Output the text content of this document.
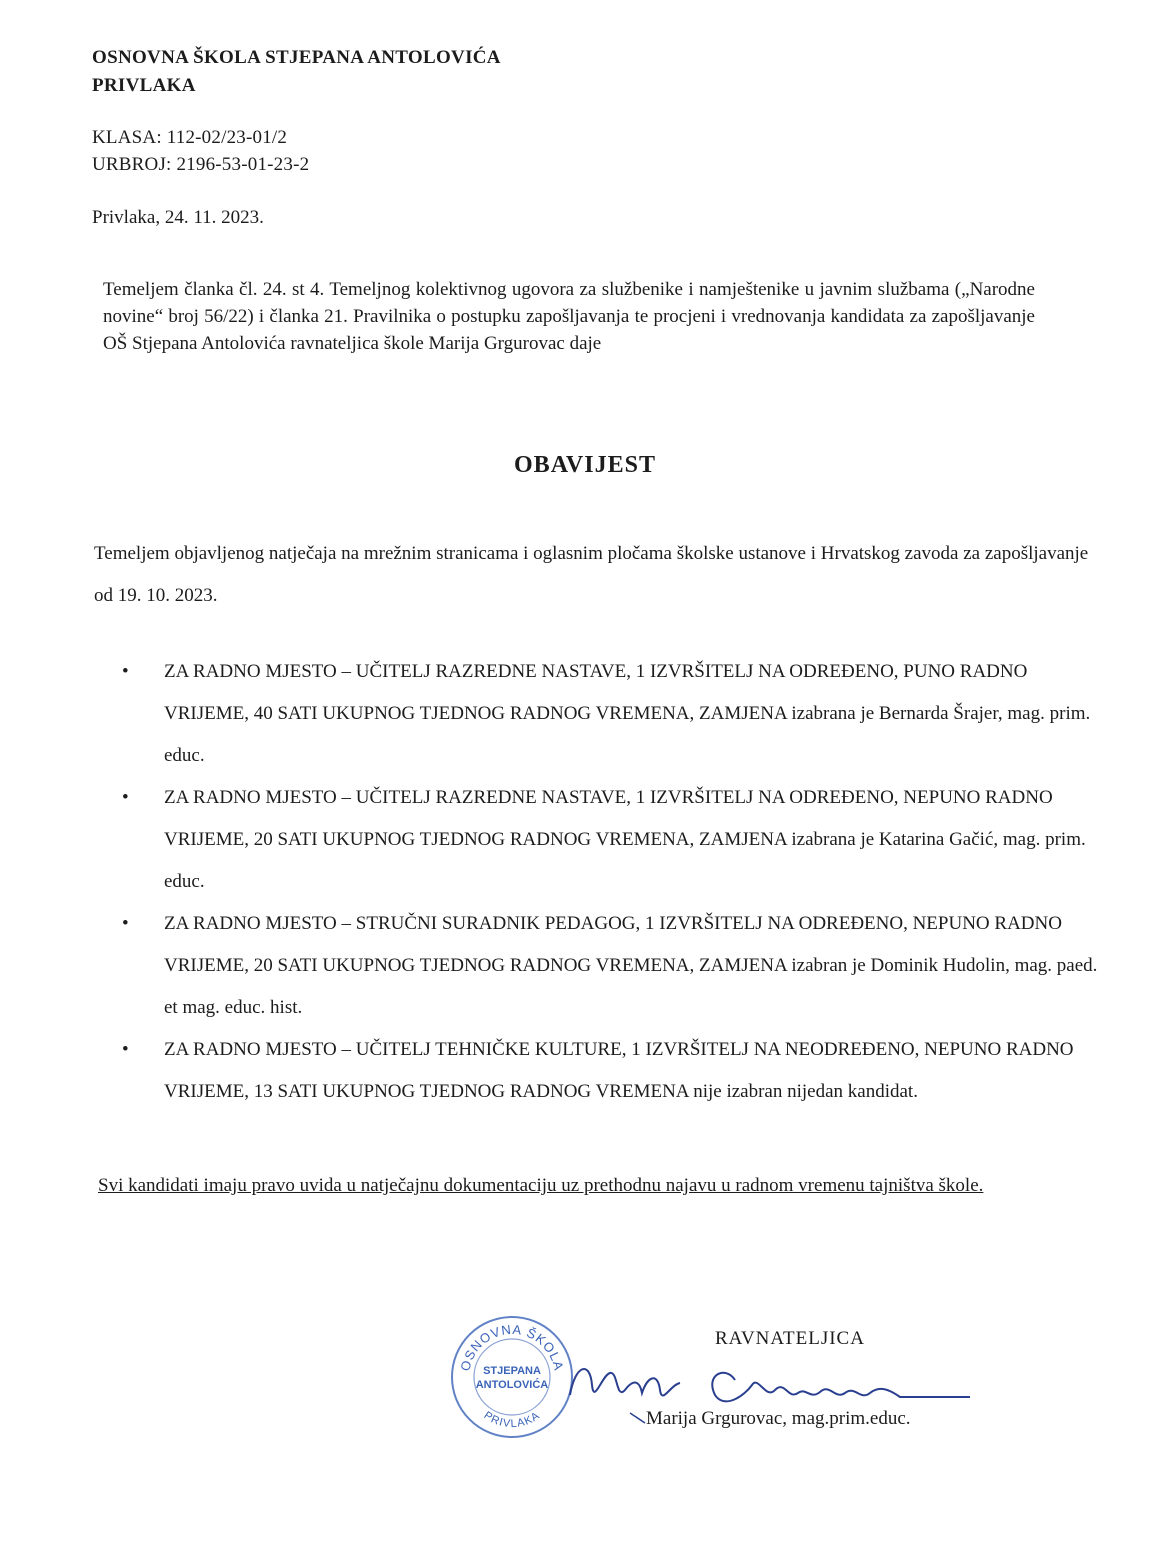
OSNOVNA ŠKOLA STJEPANA ANTOLOVIĆA
PRIVLAKA
KLASA: 112-02/23-01/2
URBROJ: 2196-53-01-23-2
Privlaka, 24. 11. 2023.
Temeljem članka čl. 24. st 4. Temeljnog kolektivnog ugovora za službenike i namještenike u javnim službama („Narodne novine“ broj 56/22) i članka 21. Pravilnika o postupku zapošljavanja te procjeni i vrednovanja kandidata za zapošljavanje OŠ Stjepana Antolovića ravnateljica škole Marija Grgurovac daje
OBAVIJEST
Temeljem objavljenog natječaja na mrežnim stranicama i oglasnim pločama školske ustanove i Hrvatskog zavoda za zapošljavanje od 19. 10. 2023.
• ZA RADNO MJESTO – UČITELJ RAZREDNE NASTAVE, 1 IZVRŠITELJ NA ODREĐENO, PUNO RADNO VRIJEME, 40 SATI UKUPNOG TJEDNOG RADNOG VREMENA, ZAMJENA izabrana je Bernarda Šrajer, mag. prim. educ.
• ZA RADNO MJESTO – UČITELJ RAZREDNE NASTAVE, 1 IZVRŠITELJ NA ODREĐENO, NEPUNO RADNO VRIJEME, 20 SATI UKUPNOG TJEDNOG RADNOG VREMENA, ZAMJENA izabrana je Katarina Gačić, mag. prim. educ.
• ZA RADNO MJESTO – STRUČNI SURADNIK PEDAGOG, 1 IZVRŠITELJ NA ODREĐENO, NEPUNO RADNO VRIJEME, 20 SATI UKUPNOG TJEDNOG RADNOG VREMENA, ZAMJENA izabran je Dominik Hudolin, mag. paed. et mag. educ. hist.
• ZA RADNO MJESTO – UČITELJ TEHNIČKE KULTURE, 1 IZVRŠITELJ NA NEODREĐENO, NEPUNO RADNO VRIJEME, 13 SATI UKUPNOG TJEDNOG RADNOG VREMENA nije izabran nijedan kandidat.
Svi kandidati imaju pravo uvida u natječajnu dokumentaciju uz prethodnu najavu u radnom vremenu tajništva škole.
RAVNATELJICA
OSNOVNA ŠKOLA
STJEPANA
ANTOLOVIĆA
PRIVLAKA	Marija Grgurovac, mag.prim.educ.
